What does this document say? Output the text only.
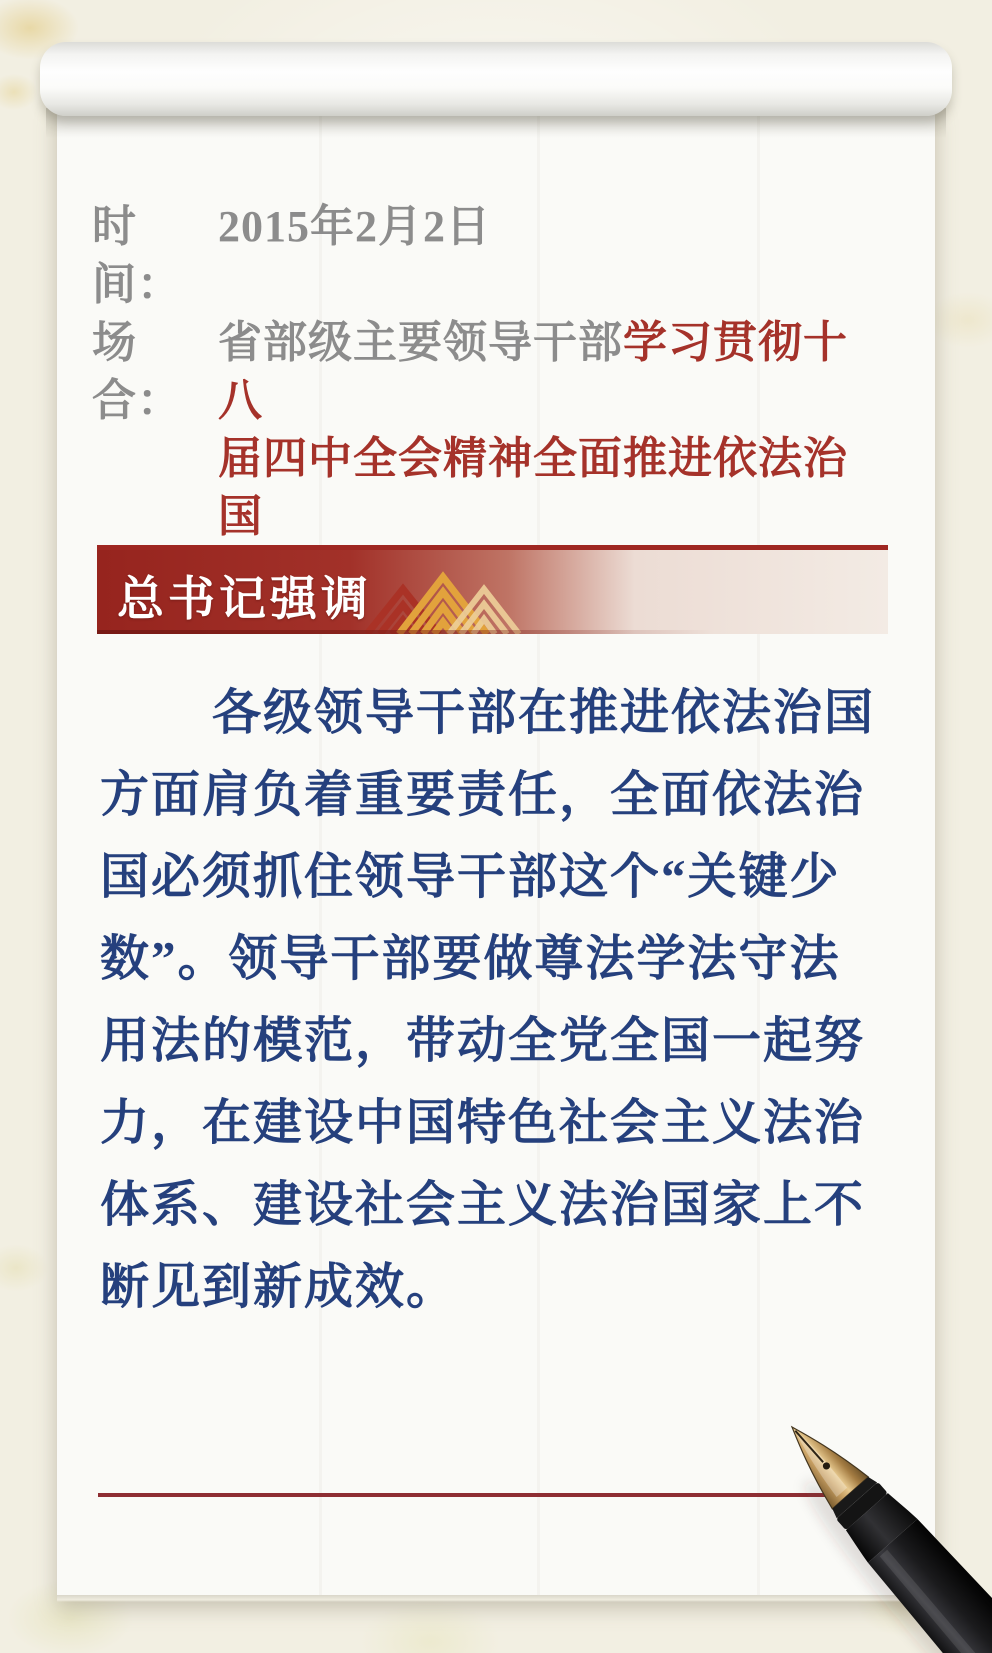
时间：
2015年2月2日
场合：
省部级主要领导干部学习贯彻十八
届四中全会精神全面推进依法治国
总书记强调
各级领导干部在推进依法治国
方面肩负着重要责任，全面依法治
国必须抓住领导干部这个“关键少
数”。领导干部要做尊法学法守法
用法的模范，带动全党全国一起努
力，在建设中国特色社会主义法治
体系、建设社会主义法治国家上不
断见到新成效。
